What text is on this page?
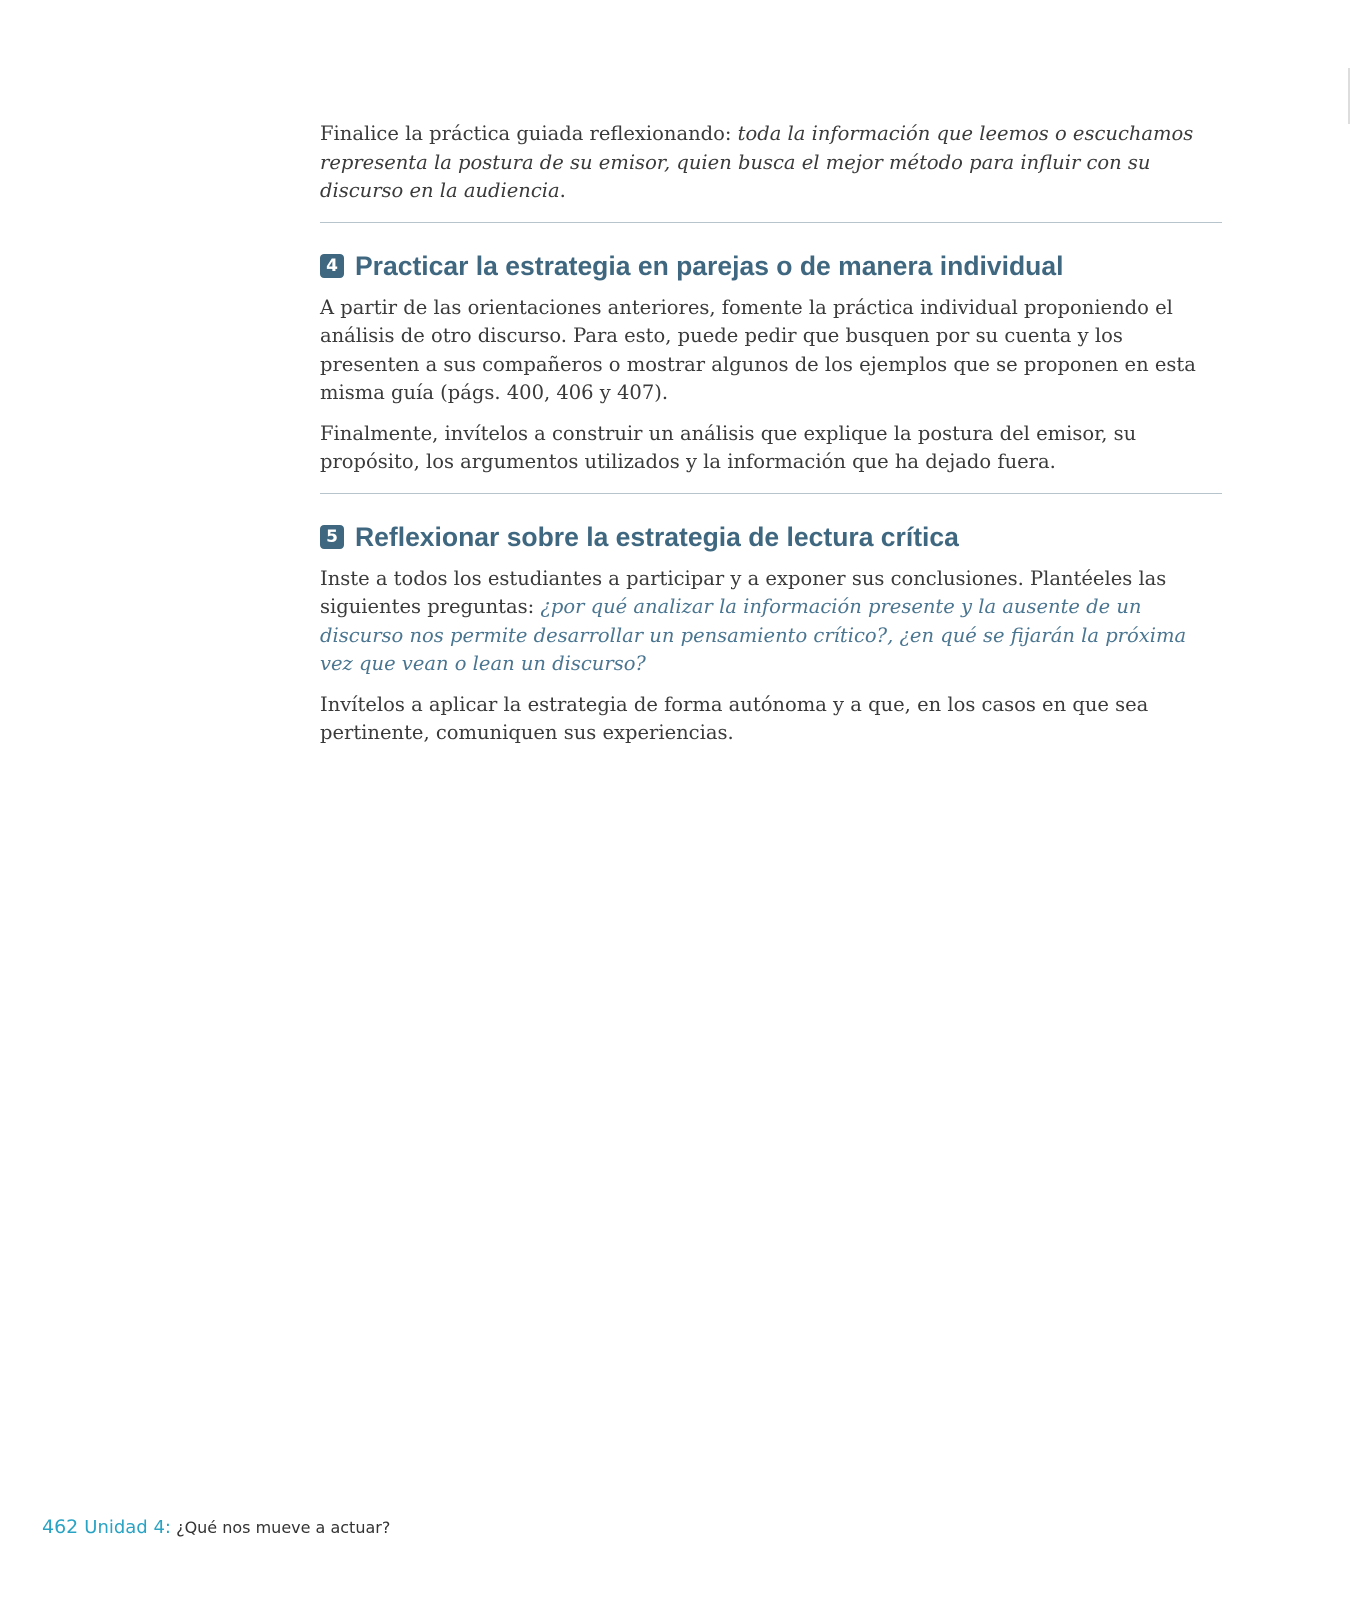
Finalice la práctica guiada reflexionando: toda la información que leemos o escuchamos representa la postura de su emisor, quien busca el mejor método para influir con su discurso en la audiencia.

4 Practicar la estrategia en parejas o de manera individual

A partir de las orientaciones anteriores, fomente la práctica individual proponiendo el análisis de otro discurso. Para esto, puede pedir que busquen por su cuenta y los presenten a sus compañeros o mostrar algunos de los ejemplos que se proponen en esta misma guía (págs. 400, 406 y 407).

Finalmente, invítelos a construir un análisis que explique la postura del emisor, su propósito, los argumentos utilizados y la información que ha dejado fuera.

5 Reflexionar sobre la estrategia de lectura crítica

Inste a todos los estudiantes a participar y a exponer sus conclusiones. Plantéeles las siguientes preguntas: ¿por qué analizar la información presente y la ausente de un discurso nos permite desarrollar un pensamiento crítico?, ¿en qué se fijarán la próxima vez que vean o lean un discurso?

Invítelos a aplicar la estrategia de forma autónoma y a que, en los casos en que sea pertinente, comuniquen sus experiencias.

462 Unidad 4: ¿Qué nos mueve a actuar?
